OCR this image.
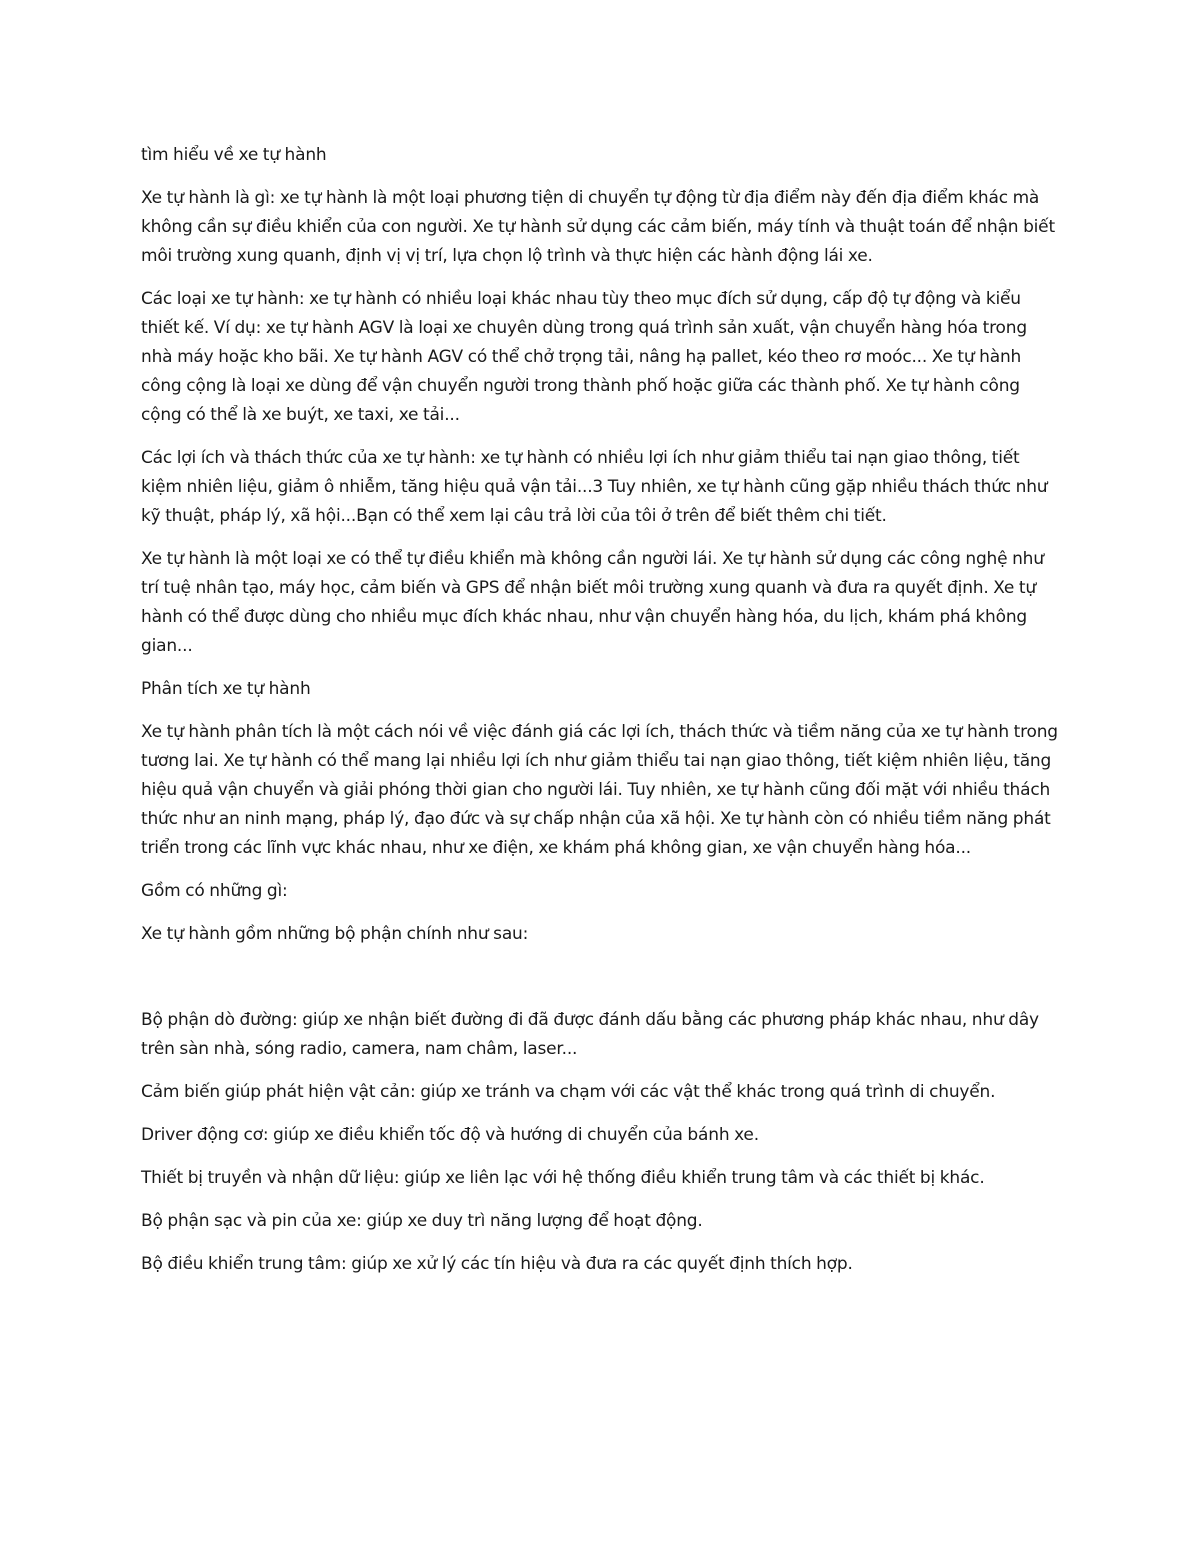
tìm hiểu về xe tự hành

Xe tự hành là gì: xe tự hành là một loại phương tiện di chuyển tự động từ địa điểm này đến địa điểm khác mà không cần sự điều khiển của con người. Xe tự hành sử dụng các cảm biến, máy tính và thuật toán để nhận biết môi trường xung quanh, định vị vị trí, lựa chọn lộ trình và thực hiện các hành động lái xe.

Các loại xe tự hành: xe tự hành có nhiều loại khác nhau tùy theo mục đích sử dụng, cấp độ tự động và kiểu thiết kế. Ví dụ: xe tự hành AGV là loại xe chuyên dùng trong quá trình sản xuất, vận chuyển hàng hóa trong nhà máy hoặc kho bãi. Xe tự hành AGV có thể chở trọng tải, nâng hạ pallet, kéo theo rơ moóc... Xe tự hành công cộng là loại xe dùng để vận chuyển người trong thành phố hoặc giữa các thành phố. Xe tự hành công cộng có thể là xe buýt, xe taxi, xe tải...

Các lợi ích và thách thức của xe tự hành: xe tự hành có nhiều lợi ích như giảm thiểu tai nạn giao thông, tiết kiệm nhiên liệu, giảm ô nhiễm, tăng hiệu quả vận tải...3 Tuy nhiên, xe tự hành cũng gặp nhiều thách thức như kỹ thuật, pháp lý, xã hội...Bạn có thể xem lại câu trả lời của tôi ở trên để biết thêm chi tiết.

Xe tự hành là một loại xe có thể tự điều khiển mà không cần người lái. Xe tự hành sử dụng các công nghệ như trí tuệ nhân tạo, máy học, cảm biến và GPS để nhận biết môi trường xung quanh và đưa ra quyết định. Xe tự hành có thể được dùng cho nhiều mục đích khác nhau, như vận chuyển hàng hóa, du lịch, khám phá không gian...

Phân tích xe tự hành

Xe tự hành phân tích là một cách nói về việc đánh giá các lợi ích, thách thức và tiềm năng của xe tự hành trong tương lai. Xe tự hành có thể mang lại nhiều lợi ích như giảm thiểu tai nạn giao thông, tiết kiệm nhiên liệu, tăng hiệu quả vận chuyển và giải phóng thời gian cho người lái. Tuy nhiên, xe tự hành cũng đối mặt với nhiều thách thức như an ninh mạng, pháp lý, đạo đức và sự chấp nhận của xã hội. Xe tự hành còn có nhiều tiềm năng phát triển trong các lĩnh vực khác nhau, như xe điện, xe khám phá không gian, xe vận chuyển hàng hóa...

Gồm có những gì:

Xe tự hành gồm những bộ phận chính như sau:

Bộ phận dò đường: giúp xe nhận biết đường đi đã được đánh dấu bằng các phương pháp khác nhau, như dây trên sàn nhà, sóng radio, camera, nam châm, laser...

Cảm biến giúp phát hiện vật cản: giúp xe tránh va chạm với các vật thể khác trong quá trình di chuyển.

Driver động cơ: giúp xe điều khiển tốc độ và hướng di chuyển của bánh xe.

Thiết bị truyền và nhận dữ liệu: giúp xe liên lạc với hệ thống điều khiển trung tâm và các thiết bị khác.

Bộ phận sạc và pin của xe: giúp xe duy trì năng lượng để hoạt động.

Bộ điều khiển trung tâm: giúp xe xử lý các tín hiệu và đưa ra các quyết định thích hợp.
